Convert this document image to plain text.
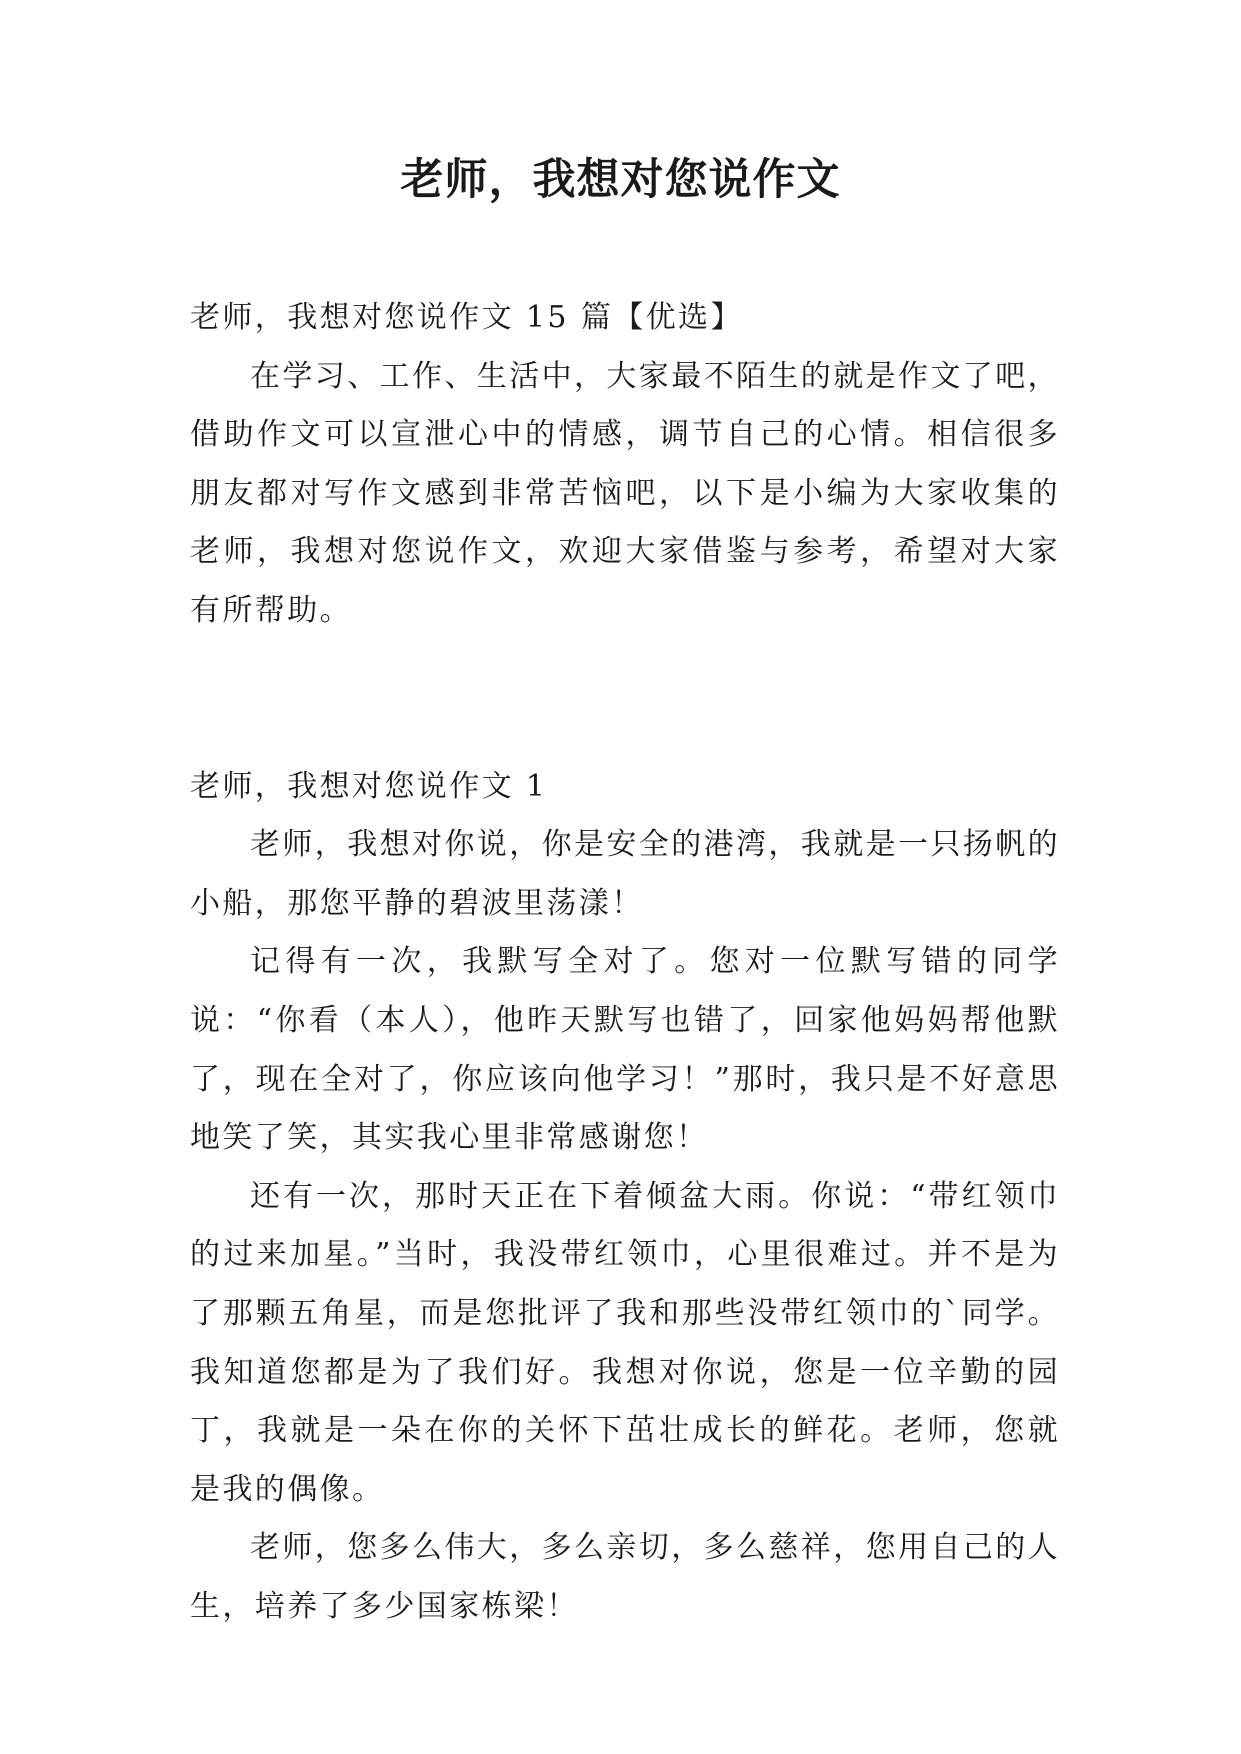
老师，我想对您说作文

老师，我想对您说作文 15 篇【优选】

在学习、工作、生活中，大家最不陌生的就是作文了吧，借助作文可以宣泄心中的情感，调节自己的心情。相信很多朋友都对写作文感到非常苦恼吧，以下是小编为大家收集的老师，我想对您说作文，欢迎大家借鉴与参考，希望对大家有所帮助。

老师，我想对您说作文 1

老师，我想对你说，你是安全的港湾，我就是一只扬帆的小船，那您平静的碧波里荡漾！

记得有一次，我默写全对了。您对一位默写错的同学说：“你看（本人），他昨天默写也错了，回家他妈妈帮他默了，现在全对了，你应该向他学习！”那时，我只是不好意思地笑了笑，其实我心里非常感谢您！

还有一次，那时天正在下着倾盆大雨。你说：“带红领巾的过来加星。”当时，我没带红领巾，心里很难过。并不是为了那颗五角星，而是您批评了我和那些没带红领巾的`同学。我知道您都是为了我们好。我想对你说，您是一位辛勤的园丁，我就是一朵在你的关怀下茁壮成长的鲜花。老师，您就是我的偶像。

老师，您多么伟大，多么亲切，多么慈祥，您用自己的人生，培养了多少国家栋梁！
